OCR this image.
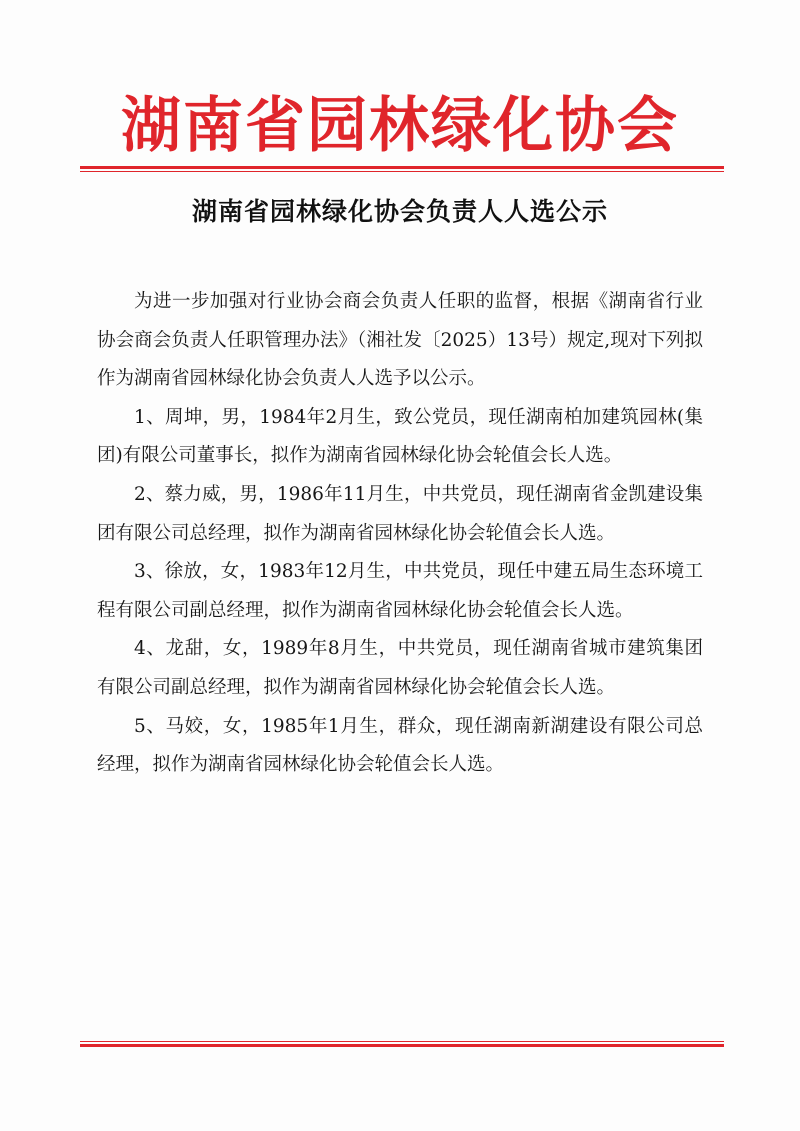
湖南省园林绿化协会
湖南省园林绿化协会负责人人选公示

为进一步加强对行业协会商会负责人任职的监督，根据《湖南省行业协会商会负责人任职管理办法》（湘社发〔2025）13号）规定,现对下列拟作为湖南省园林绿化协会负责人人选予以公示。

1、周坤，男，1984年2月生，致公党员，现任湖南柏加建筑园林(集团)有限公司董事长，拟作为湖南省园林绿化协会轮值会长人选。

2、蔡力威，男，1986年11月生，中共党员，现任湖南省金凯建设集团有限公司总经理，拟作为湖南省园林绿化协会轮值会长人选。

3、徐放，女，1983年12月生，中共党员，现任中建五局生态环境工程有限公司副总经理，拟作为湖南省园林绿化协会轮值会长人选。

4、龙甜，女，1989年8月生，中共党员，现任湖南省城市建筑集团有限公司副总经理，拟作为湖南省园林绿化协会轮值会长人选。

5、马姣，女，1985年1月生，群众，现任湖南新湖建设有限公司总经理，拟作为湖南省园林绿化协会轮值会长人选。
